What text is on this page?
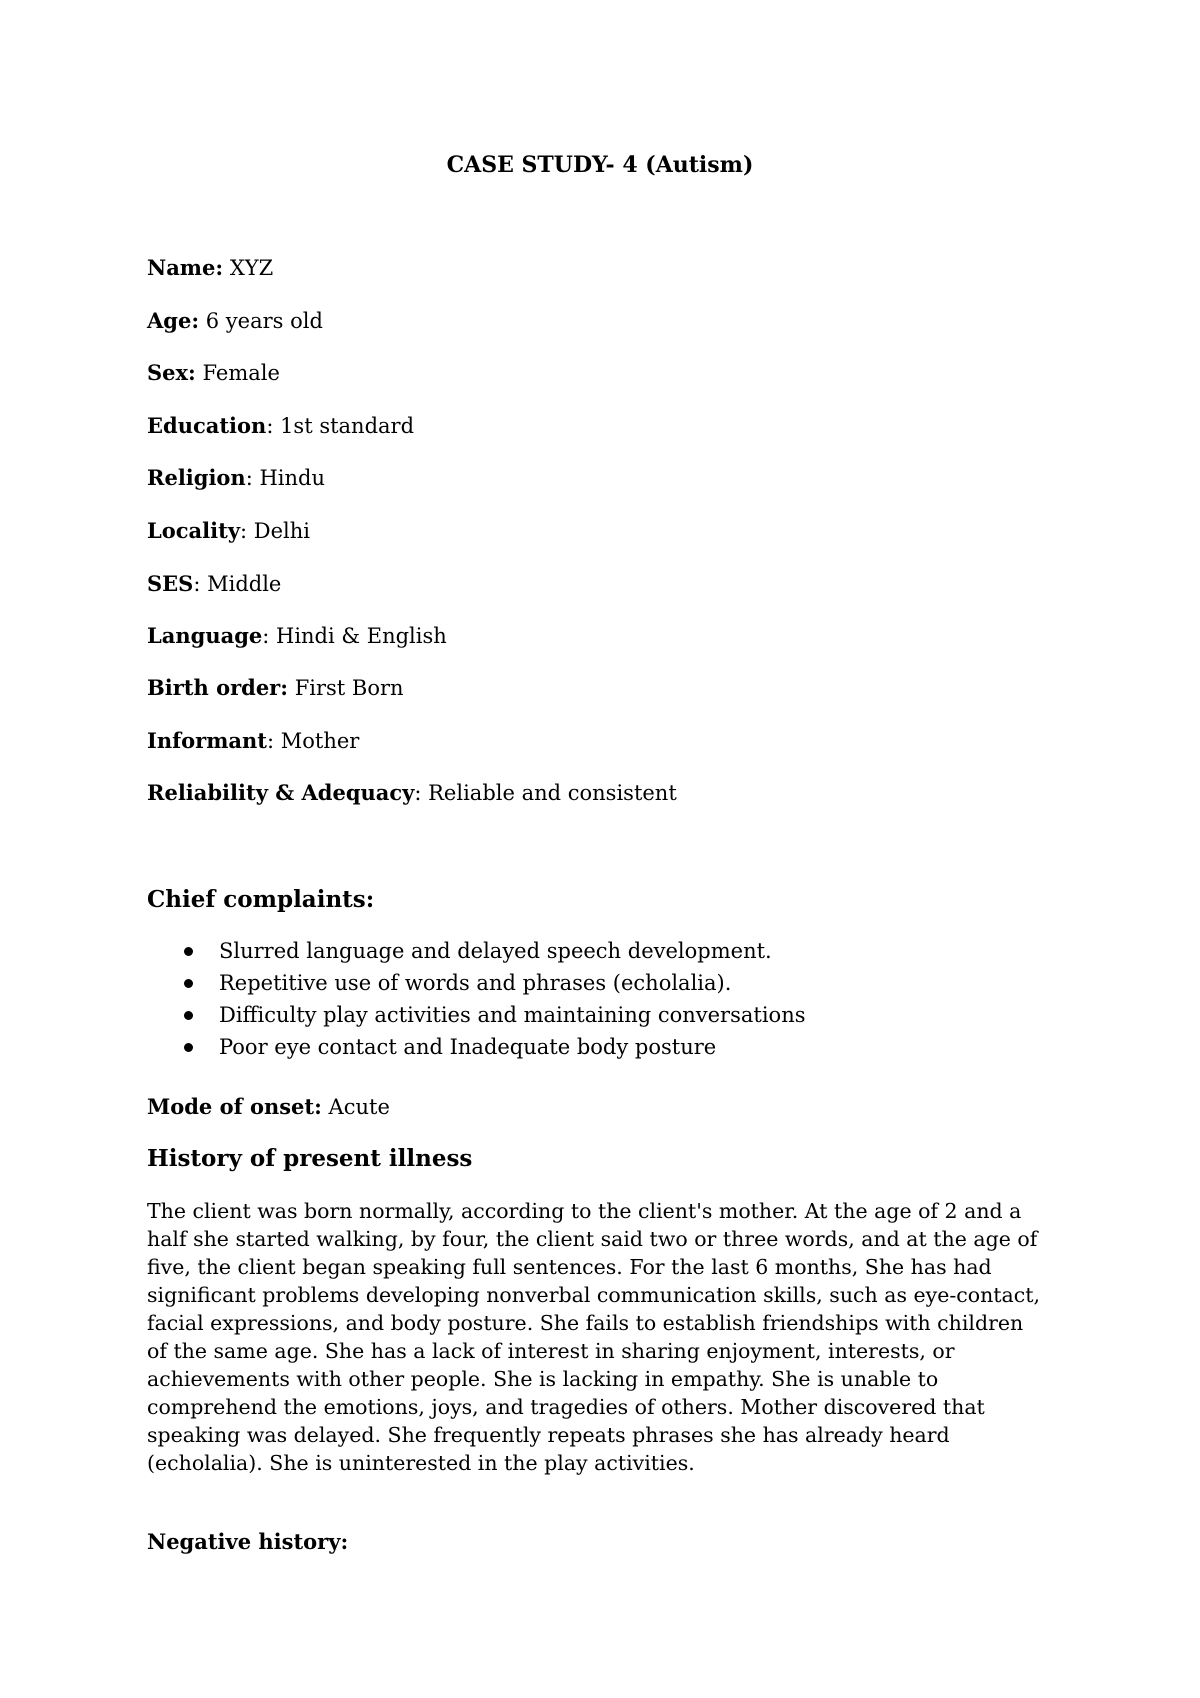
CASE STUDY- 4 (Autism)

Name: XYZ

Age: 6 years old

Sex: Female

Education: 1st standard

Religion: Hindu

Locality: Delhi

SES: Middle

Language: Hindi & English

Birth order: First Born

Informant: Mother

Reliability & Adequacy: Reliable and consistent

Chief complaints:
Slurred language and delayed speech development.
Repetitive use of words and phrases (echolalia).
Difficulty play activities and maintaining conversations
Poor eye contact and Inadequate body posture

Mode of onset: Acute

History of present illness

The client was born normally, according to the client's mother. At the age of 2 and a half she started walking, by four, the client said two or three words, and at the age of five, the client began speaking full sentences. For the last 6 months, She has had significant problems developing nonverbal communication skills, such as eye-contact, facial expressions, and body posture. She fails to establish friendships with children of the same age. She has a lack of interest in sharing enjoyment, interests, or achievements with other people. She is lacking in empathy. She is unable to comprehend the emotions, joys, and tragedies of others. Mother discovered that speaking was delayed. She frequently repeats phrases she has already heard (echolalia). She is uninterested in the play activities.

Negative history:
